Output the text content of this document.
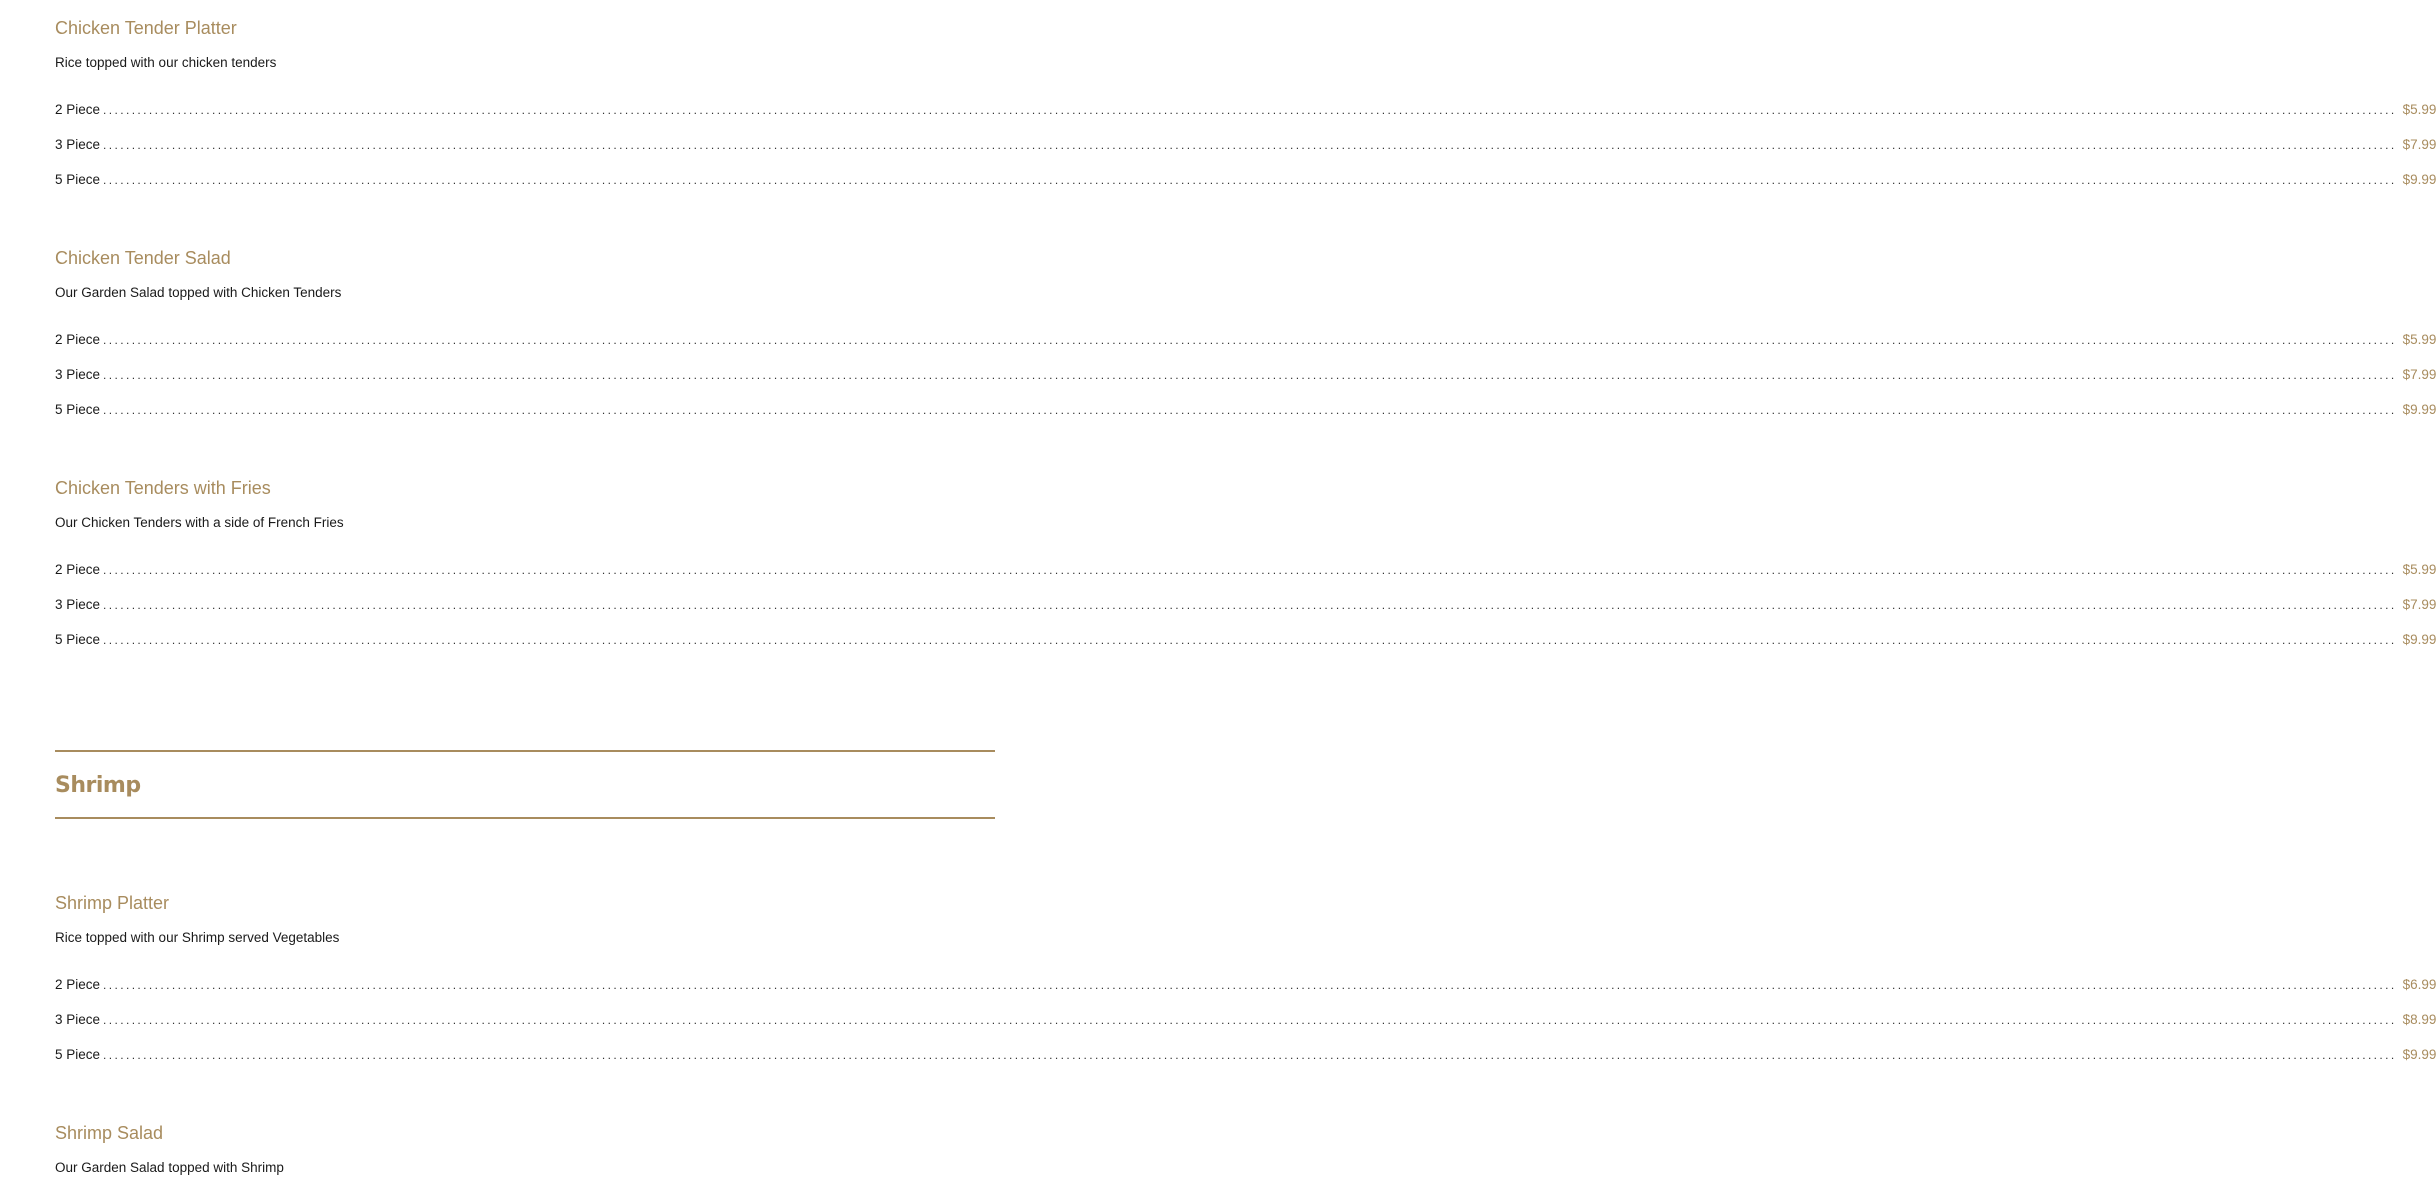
Chicken Tender Platter
Rice topped with our chicken tenders
2 Piece ................................................................................................................................................................................................................................................................................................................................................................................................................ $5.99
3 Piece ................................................................................................................................................................................................................................................................................................................................................................................................................ $7.99
5 Piece ................................................................................................................................................................................................................................................................................................................................................................................................................ $9.99
Chicken Tender Salad
Our Garden Salad topped with Chicken Tenders
2 Piece ................................................................................................................................................................................................................................................................................................................................................................................................................ $5.99
3 Piece ................................................................................................................................................................................................................................................................................................................................................................................................................ $7.99
5 Piece ................................................................................................................................................................................................................................................................................................................................................................................................................ $9.99
Chicken Tenders with Fries
Our Chicken Tenders with a side of French Fries
2 Piece ................................................................................................................................................................................................................................................................................................................................................................................................................ $5.99
3 Piece ................................................................................................................................................................................................................................................................................................................................................................................................................ $7.99
5 Piece ................................................................................................................................................................................................................................................................................................................................................................................................................ $9.99
Shrimp
Shrimp Platter
Rice topped with our Shrimp served Vegetables
2 Piece ................................................................................................................................................................................................................................................................................................................................................................................................................ $6.99
3 Piece ................................................................................................................................................................................................................................................................................................................................................................................................................ $8.99
5 Piece ................................................................................................................................................................................................................................................................................................................................................................................................................ $9.99
Shrimp Salad
Our Garden Salad topped with Shrimp
